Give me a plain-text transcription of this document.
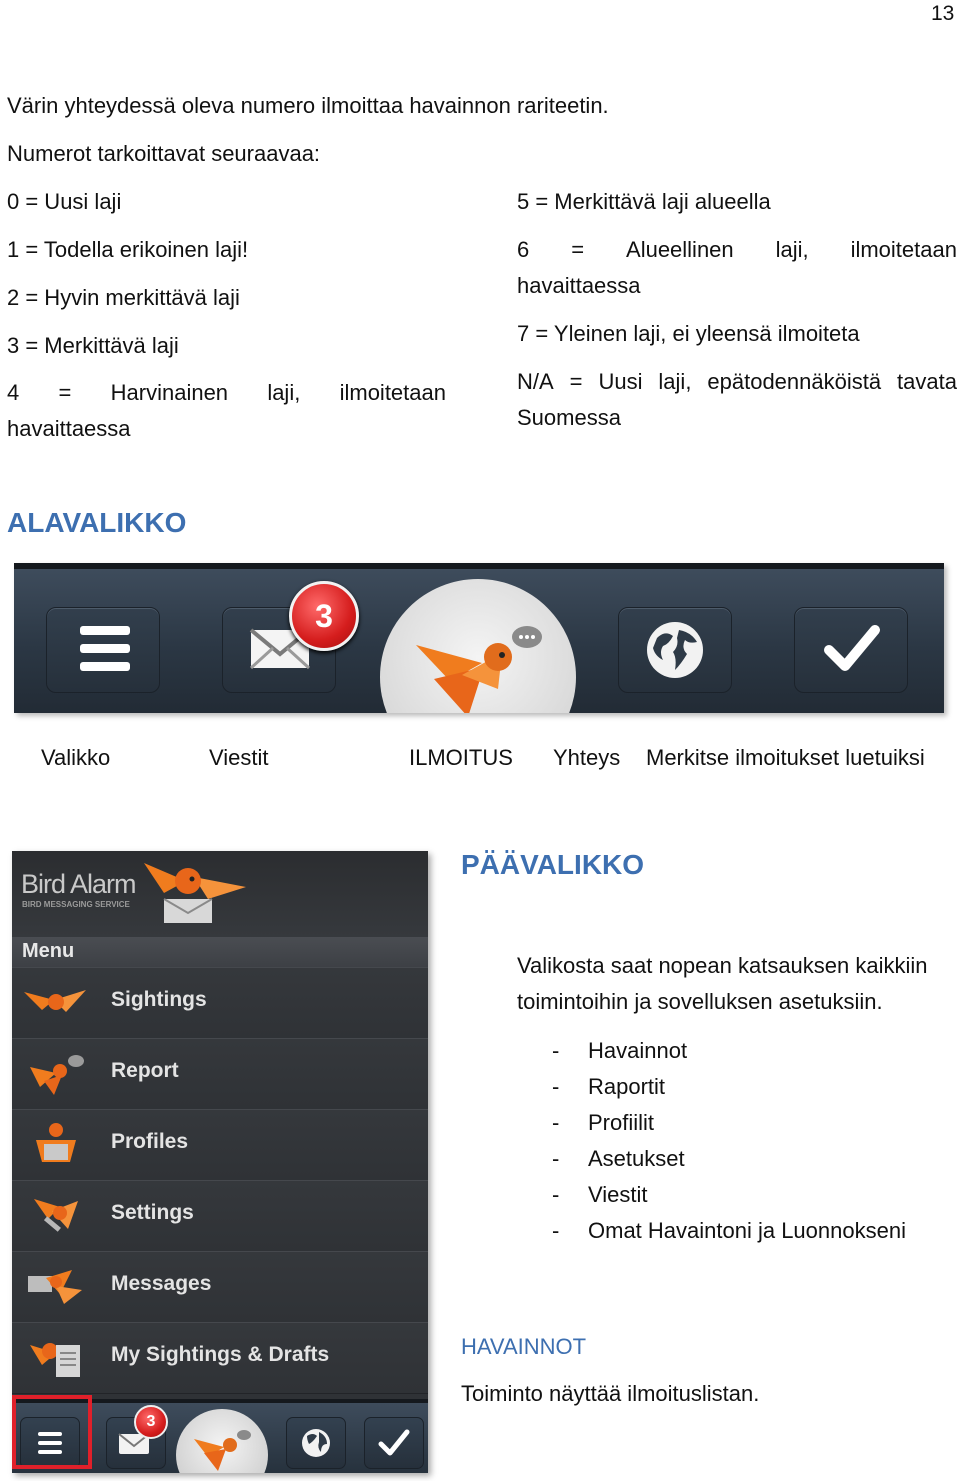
13
Värin yhteydessä oleva numero ilmoittaa havainnon rariteetin.
Numerot tarkoittavat seuraavaa:
0 = Uusi laji
1 = Todella erikoinen laji!
2 = Hyvin merkittävä laji
3 = Merkittävä laji
4 = Harvinainen laji, ilmoitetaan
havaittaessa
5 = Merkittävä laji alueella
6 = Alueellinen laji, ilmoitetaan
havaittaessa
7 = Yleinen laji, ei yleensä ilmoiteta
N/A = Uusi laji, epätodennäköistä tavata
Suomessa
ALAVALIKKO
3
Valikko	Viestit	ILMOITUS Yhteys Merkitse ilmoitukset luetuiksi
Bird Alarm
BIRD MESSAGING SERVICE
Menu
Sightings
Report
Profiles
Settings
Messages
My Sightings & Drafts
3
PÄÄVALIKKO
Valikosta saat nopean katsauksen kaikkiin
toimintoihin ja sovelluksen asetuksiin.
- Havainnot
- Raportit
- Profiilit
- Asetukset
- Viestit
- Omat Havaintoni ja Luonnokseni
HAVAINNOT
Toiminto näyttää ilmoituslistan.
